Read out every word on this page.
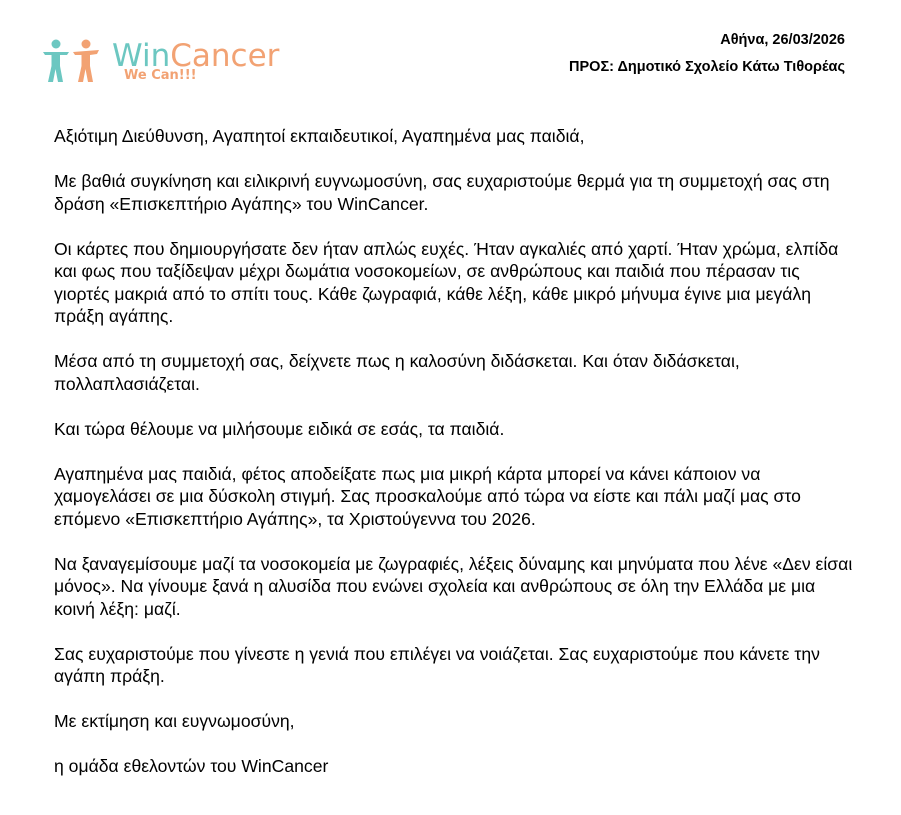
WinCancer
We Can!!!
Αθήνα, 26/03/2026
ΠΡΟΣ: Δημοτικό Σχολείο Κάτω Τιθορέας

Αξιότιμη Διεύθυνση, Αγαπητοί εκπαιδευτικοί, Αγαπημένα μας παιδιά,

Με βαθιά συγκίνηση και ειλικρινή ευγνωμοσύνη, σας ευχαριστούμε θερμά για τη συμμετοχή σας στη δράση «Επισκεπτήριο Αγάπης» του WinCancer.

Οι κάρτες που δημιουργήσατε δεν ήταν απλώς ευχές. Ήταν αγκαλιές από χαρτί. Ήταν χρώμα, ελπίδα και φως που ταξίδεψαν μέχρι δωμάτια νοσοκομείων, σε ανθρώπους και παιδιά που πέρασαν τις γιορτές μακριά από το σπίτι τους. Κάθε ζωγραφιά, κάθε λέξη, κάθε μικρό μήνυμα έγινε μια μεγάλη πράξη αγάπης.

Μέσα από τη συμμετοχή σας, δείχνετε πως η καλοσύνη διδάσκεται. Και όταν διδάσκεται, πολλαπλασιάζεται.

Και τώρα θέλουμε να μιλήσουμε ειδικά σε εσάς, τα παιδιά.

Αγαπημένα μας παιδιά, φέτος αποδείξατε πως μια μικρή κάρτα μπορεί να κάνει κάποιον να χαμογελάσει σε μια δύσκολη στιγμή. Σας προσκαλούμε από τώρα να είστε και πάλι μαζί μας στο επόμενο «Επισκεπτήριο Αγάπης», τα Χριστούγεννα του 2026.

Να ξαναγεμίσουμε μαζί τα νοσοκομεία με ζωγραφιές, λέξεις δύναμης και μηνύματα που λένε «Δεν είσαι μόνος». Να γίνουμε ξανά η αλυσίδα που ενώνει σχολεία και ανθρώπους σε όλη την Ελλάδα με μια κοινή λέξη: μαζί.

Σας ευχαριστούμε που γίνεστε η γενιά που επιλέγει να νοιάζεται. Σας ευχαριστούμε που κάνετε την αγάπη πράξη.

Με εκτίμηση και ευγνωμοσύνη,

η ομάδα εθελοντών του WinCancer
